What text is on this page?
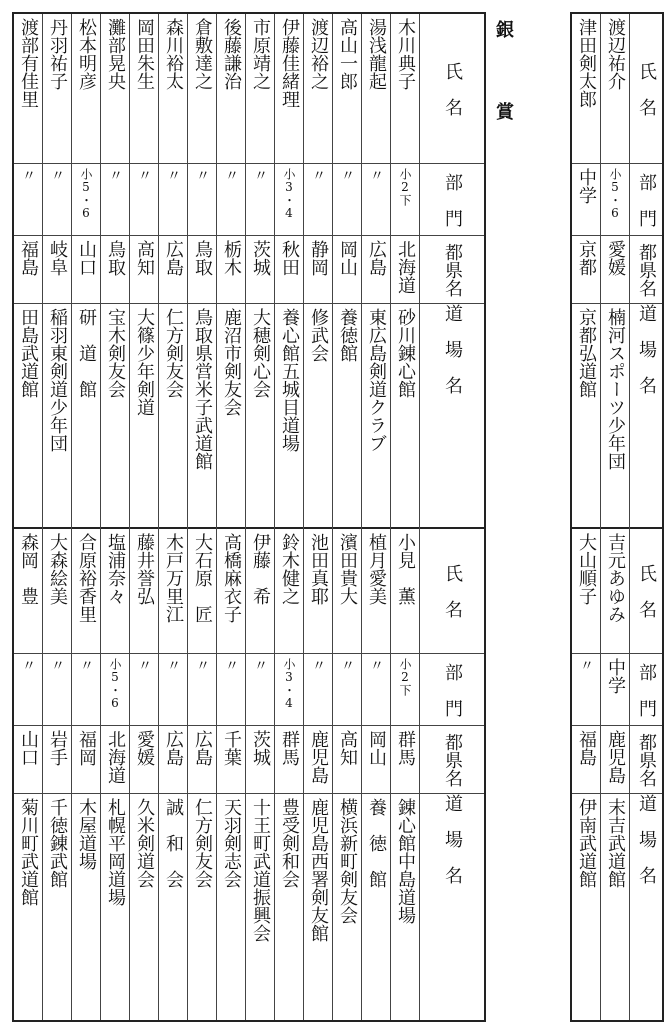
渡部有佳里
〃
福島
田島武道館
森岡　豊
〃
山口
菊川町武道館
丹羽祐子
〃
岐阜
稲羽東剣道少年団
大森絵美
〃
岩手
千徳錬武館
松本明彦
小5・6
山口
研　道　館
合原裕香里
〃
福岡
木屋道場
灘部晃央
〃
鳥取
宝木剣友会
塩浦奈々
小5・6
北海道
札幌平岡道場
岡田朱生
〃
高知
大篠少年剣道
藤井誉弘
〃
愛媛
久米剣道会
森川裕太
〃
広島
仁方剣友会
木戸万里江
〃
広島
誠　和　会
倉敷達之
〃
鳥取
鳥取県営米子武道館
大石原　匠
〃
広島
仁方剣友会
後藤謙治
〃
栃木
鹿沼市剣友会
高橋麻衣子
〃
千葉
天羽剣志会
市原靖之
〃
茨城
大穂剣心会
伊藤　希
〃
茨城
十王町武道振興会
伊藤佳緒理
小3・4
秋田
養心館五城目道場
鈴木健之
小3・4
群馬
豊受剣和会
渡辺裕之
〃
静岡
修武会
池田真耶
〃
鹿児島
鹿児島西署剣友館
高山一郎
〃
岡山
養徳館
濱田貴大
〃
高知
横浜新町剣友会
湯浅龍起
〃
広島
東広島剣道クラブ
植月愛美
〃
岡山
養　徳　館
木川典子
小2下
北海道
砂川錬心館
小見　薫
小2下
群馬
錬心館中島道場
氏　名
部　門
都県名
道　場　名
氏　名
部　門
都県名
道　場　名
津田剣太郎
中学
京都
京都弘道館
大山順子
〃
福島
伊南武道館
渡辺祐介
小5・6
愛媛
楠河スポーツ少年団
吉元あゆみ
中学
鹿児島
末吉武道館
氏　名
部　門
都県名
道　場　名
氏　名
部　門
都県名
道　場　名
銀
賞
